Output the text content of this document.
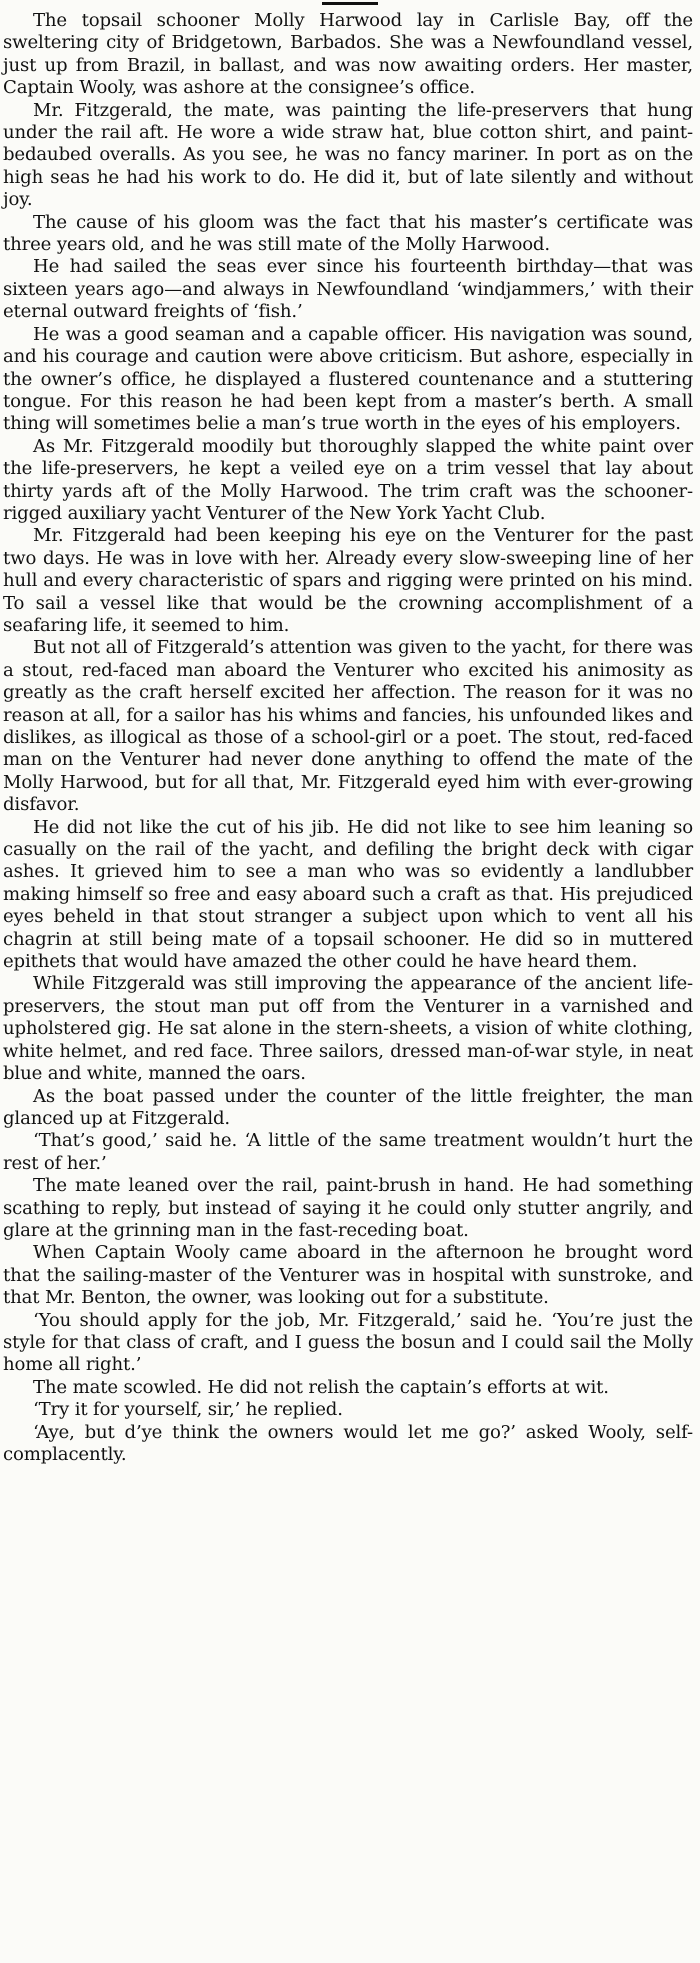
The topsail schooner Molly Harwood lay in Carlisle Bay, off the sweltering city of Bridgetown, Barbados. She was a Newfoundland vessel, just up from Brazil, in ballast, and was now awaiting orders. Her master, Captain Wooly, was ashore at the consignee’s office.

Mr. Fitzgerald, the mate, was painting the life-preservers that hung under the rail aft. He wore a wide straw hat, blue cotton shirt, and paint-bedaubed overalls. As you see, he was no fancy mariner. In port as on the high seas he had his work to do. He did it, but of late silently and without joy.

The cause of his gloom was the fact that his master’s certificate was three years old, and he was still mate of the Molly Harwood.

He had sailed the seas ever since his fourteenth birthday—that was sixteen years ago—and always in Newfoundland ‘windjammers,’ with their eternal outward freights of ‘fish.’

He was a good seaman and a capable officer. His navigation was sound, and his courage and caution were above criticism. But ashore, especially in the owner’s office, he displayed a flustered countenance and a stuttering tongue. For this reason he had been kept from a master’s berth. A small thing will sometimes belie a man’s true worth in the eyes of his employers.

As Mr. Fitzgerald moodily but thoroughly slapped the white paint over the life-preservers, he kept a veiled eye on a trim vessel that lay about thirty yards aft of the Molly Harwood. The trim craft was the schooner-rigged auxiliary yacht Venturer of the New York Yacht Club.

Mr. Fitzgerald had been keeping his eye on the Venturer for the past two days. He was in love with her. Already every slow-sweeping line of her hull and every characteristic of spars and rigging were printed on his mind. To sail a vessel like that would be the crowning accomplishment of a seafaring life, it seemed to him.

But not all of Fitzgerald’s attention was given to the yacht, for there was a stout, red-faced man aboard the Venturer who excited his animosity as greatly as the craft herself excited her affection. The reason for it was no reason at all, for a sailor has his whims and fancies, his unfounded likes and dislikes, as illogical as those of a school-girl or a poet. The stout, red-faced man on the Venturer had never done anything to offend the mate of the Molly Harwood, but for all that, Mr. Fitzgerald eyed him with ever-growing disfavor.

He did not like the cut of his jib. He did not like to see him leaning so casually on the rail of the yacht, and defiling the bright deck with cigar ashes. It grieved him to see a man who was so evidently a landlubber making himself so free and easy aboard such a craft as that. His prejudiced eyes beheld in that stout stranger a subject upon which to vent all his chagrin at still being mate of a topsail schooner. He did so in muttered epithets that would have amazed the other could he have heard them.

While Fitzgerald was still improving the appearance of the ancient life-preservers, the stout man put off from the Venturer in a varnished and upholstered gig. He sat alone in the stern-sheets, a vision of white clothing, white helmet, and red face. Three sailors, dressed man-of-war style, in neat blue and white, manned the oars.

As the boat passed under the counter of the little freighter, the man glanced up at Fitzgerald.

‘That’s good,’ said he. ‘A little of the same treatment wouldn’t hurt the rest of her.’

The mate leaned over the rail, paint-brush in hand. He had something scathing to reply, but instead of saying it he could only stutter angrily, and glare at the grinning man in the fast-receding boat.

When Captain Wooly came aboard in the afternoon he brought word that the sailing-master of the Venturer was in hospital with sunstroke, and that Mr. Benton, the owner, was looking out for a substitute.

‘You should apply for the job, Mr. Fitzgerald,’ said he. ‘You’re just the style for that class of craft, and I guess the bosun and I could sail the Molly home all right.’

The mate scowled. He did not relish the captain’s efforts at wit.

‘Try it for yourself, sir,’ he replied.

‘Aye, but d’ye think the owners would let me go?’ asked Wooly, self-complacently.
